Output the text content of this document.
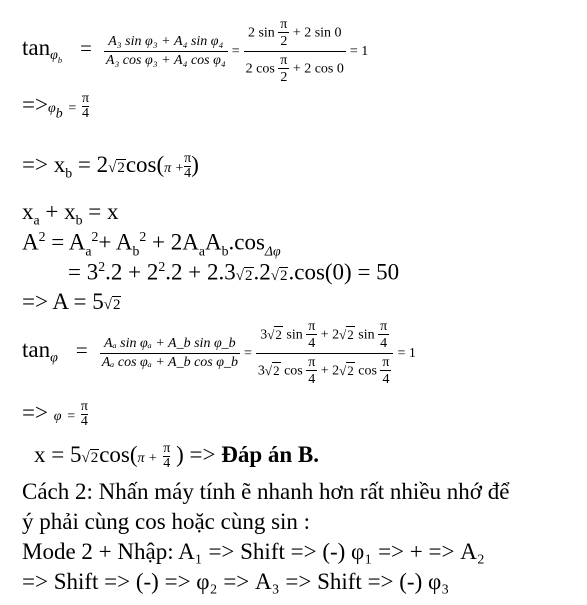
$\tan\varphi_b = \frac{\text{A₃ sin φ₃ + A₄ sin φ₄}}{\text{A₃ cos φ₃ + A₄ cos φ₄}} = \frac{2 \sin \frac{\pi}{2} + 2 \sin 0}{2 \cos \frac{\pi}{2} + 2 \cos 0} = 1$
$=>\varphi_b = \frac{\pi}{4}$
=> $x_b = 2√2\cos(\pi + \frac{\pi}{4}$ )
$x_a + x_b = x$
$A^2 = A_a^2+ A_b^2 + 2A_aA_b.\cos_{\Delta\varphi}$
= $3^2.2 + 2^2.2 + 2.3√2.2√2.\cos(0) = 50$
=> A = 5√2
$\tan_\varphi = \frac{\text{Aₐ sin φₐ + A\_b sin φ\_b}}{\text{Aₐ cos φₐ + A\_b cos φ\_b}} = \frac{3√2 \sin \frac{\pi}{4} + 2√2 \sin \frac{\pi}{4}}{3√2 \cos \frac{\pi}{4} + 2√2 \cos \frac{\pi}{4}} = 1$
=> $\varphi = \frac{\pi}{4}$
$x = 5√2\cos(\pi + \frac{\pi}{4}$ ) => Đáp án B.
Cách 2: Nhấn máy tính ẽ nhanh hơn rất nhiều nhớ để
ý phải cùng cos hoặc cùng sin :
Mode 2 + Nhập: A₁ => Shift => (-) φ₁ => + => A₂
=> Shift => (-) => φ₂ => A₃ => Shift => (-) φ₃
